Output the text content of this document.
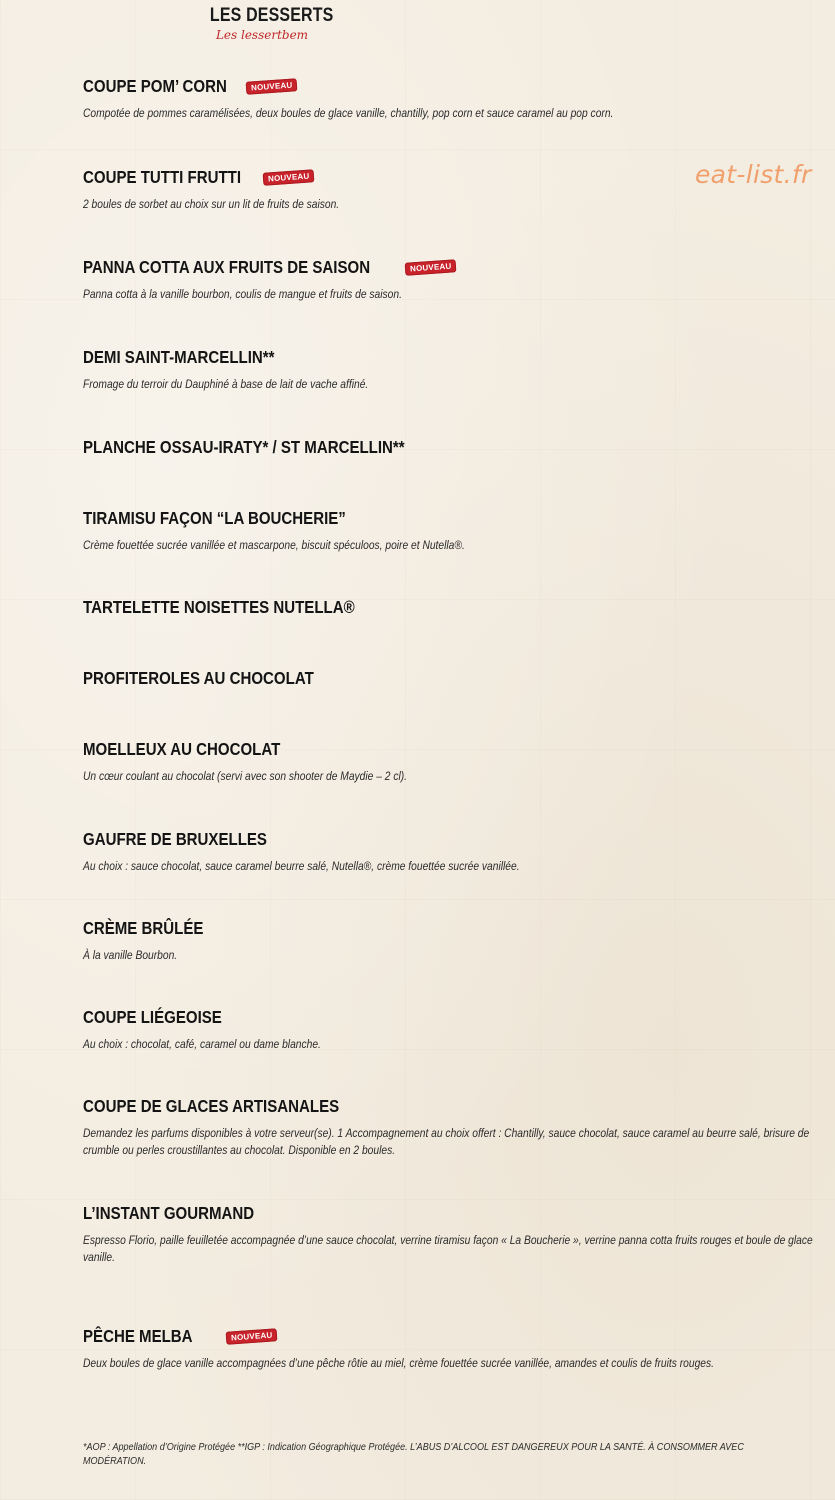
LES DESSERTS
Les lessertbem
eat-list.fr
COUPE POM’ CORN	NOUVEAU
Compotée de pommes caramélisées, deux boules de glace vanille, chantilly, pop corn et sauce caramel au pop corn.
COUPE TUTTI FRUTTI	NOUVEAU
2 boules de sorbet au choix sur un lit de fruits de saison.
PANNA COTTA AUX FRUITS DE SAISON	NOUVEAU
Panna cotta à la vanille bourbon, coulis de mangue et fruits de saison.
DEMI SAINT-MARCELLIN**
Fromage du terroir du Dauphiné à base de lait de vache affiné.
PLANCHE OSSAU-IRATY* / ST MARCELLIN**
TIRAMISU FAÇON “LA BOUCHERIE”
Crème fouettée sucrée vanillée et mascarpone, biscuit spéculoos, poire et Nutella®.
TARTELETTE NOISETTES NUTELLA®
PROFITEROLES AU CHOCOLAT
MOELLEUX AU CHOCOLAT
Un cœur coulant au chocolat (servi avec son shooter de Maydie – 2 cl).
GAUFRE DE BRUXELLES
Au choix : sauce chocolat, sauce caramel beurre salé, Nutella®, crème fouettée sucrée vanillée.
CRÈME BRÛLÉE
À la vanille Bourbon.
COUPE LIÉGEOISE
Au choix : chocolat, café, caramel ou dame blanche.
COUPE DE GLACES ARTISANALES
Demandez les parfums disponibles à votre serveur(se). 1 Accompagnement au choix offert : Chantilly, sauce chocolat, sauce caramel au beurre salé, brisure de crumble ou perles croustillantes au chocolat. Disponible en 2 boules.
L’INSTANT GOURMAND
Espresso Florio, paille feuilletée accompagnée d’une sauce chocolat, verrine tiramisu façon « La Boucherie », verrine panna cotta fruits rouges et boule de glace vanille.
PÊCHE MELBA	NOUVEAU
Deux boules de glace vanille accompagnées d’une pêche rôtie au miel, crème fouettée sucrée vanillée, amandes et coulis de fruits rouges.
*AOP : Appellation d’Origine Protégée **IGP : Indication Géographique Protégée. L’ABUS D’ALCOOL EST DANGEREUX POUR LA SANTÉ. À CONSOMMER AVEC MODÉRATION.
